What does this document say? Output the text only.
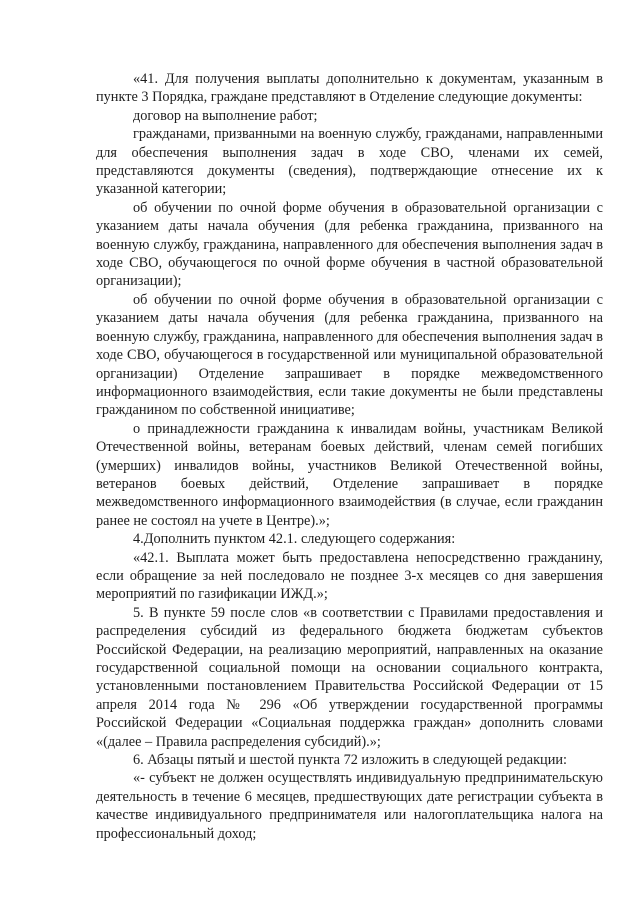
«41. Для получения выплаты дополнительно к документам, указанным в пункте 3 Порядка, граждане представляют в Отделение следующие документы:

договор на выполнение работ;

гражданами, призванными на военную службу, гражданами, направленными для обеспечения выполнения задач в ходе СВО, членами их семей, представляются документы (сведения), подтверждающие отнесение их к указанной категории;

об обучении по очной форме обучения в образовательной организации с указанием даты начала обучения (для ребенка гражданина, призванного на военную службу, гражданина, направленного для обеспечения выполнения задач в ходе СВО, обучающегося по очной форме обучения в частной образовательной организации);

об обучении по очной форме обучения в образовательной организации с указанием даты начала обучения (для ребенка гражданина, призванного на военную службу, гражданина, направленного для обеспечения выполнения задач в ходе СВО, обучающегося в государственной или муниципальной образовательной организации) Отделение запрашивает в порядке межведомственного информационного взаимодействия, если такие документы не были представлены гражданином по собственной инициативе;

о принадлежности гражданина к инвалидам войны, участникам Великой Отечественной войны, ветеранам боевых действий, членам семей погибших (умерших) инвалидов войны, участников Великой Отечественной войны, ветеранов боевых действий, Отделение запрашивает в порядке межведомственного информационного взаимодействия (в случае, если гражданин ранее не состоял на учете в Центре).»;

4.Дополнить пунктом 42.1. следующего содержания:

«42.1. Выплата может быть предоставлена непосредственно гражданину, если обращение за ней последовало не позднее 3-х месяцев со дня завершения мероприятий по газификации ИЖД.»;

5. В пункте 59 после слов «в соответствии с Правилами предоставления и распределения субсидий из федерального бюджета бюджетам субъектов Российской Федерации, на реализацию мероприятий, направленных на оказание государственной социальной помощи на основании социального контракта, установленными постановлением Правительства Российской Федерации от 15 апреля 2014 года № 296 «Об утверждении государственной программы Российской Федерации «Социальная поддержка граждан» дополнить словами «(далее – Правила распределения субсидий).»;

6. Абзацы пятый и шестой пункта 72 изложить в следующей редакции:

«- субъект не должен осуществлять индивидуальную предпринимательскую деятельность в течение 6 месяцев, предшествующих дате регистрации субъекта в качестве индивидуального предпринимателя или налогоплательщика налога на профессиональный доход;
